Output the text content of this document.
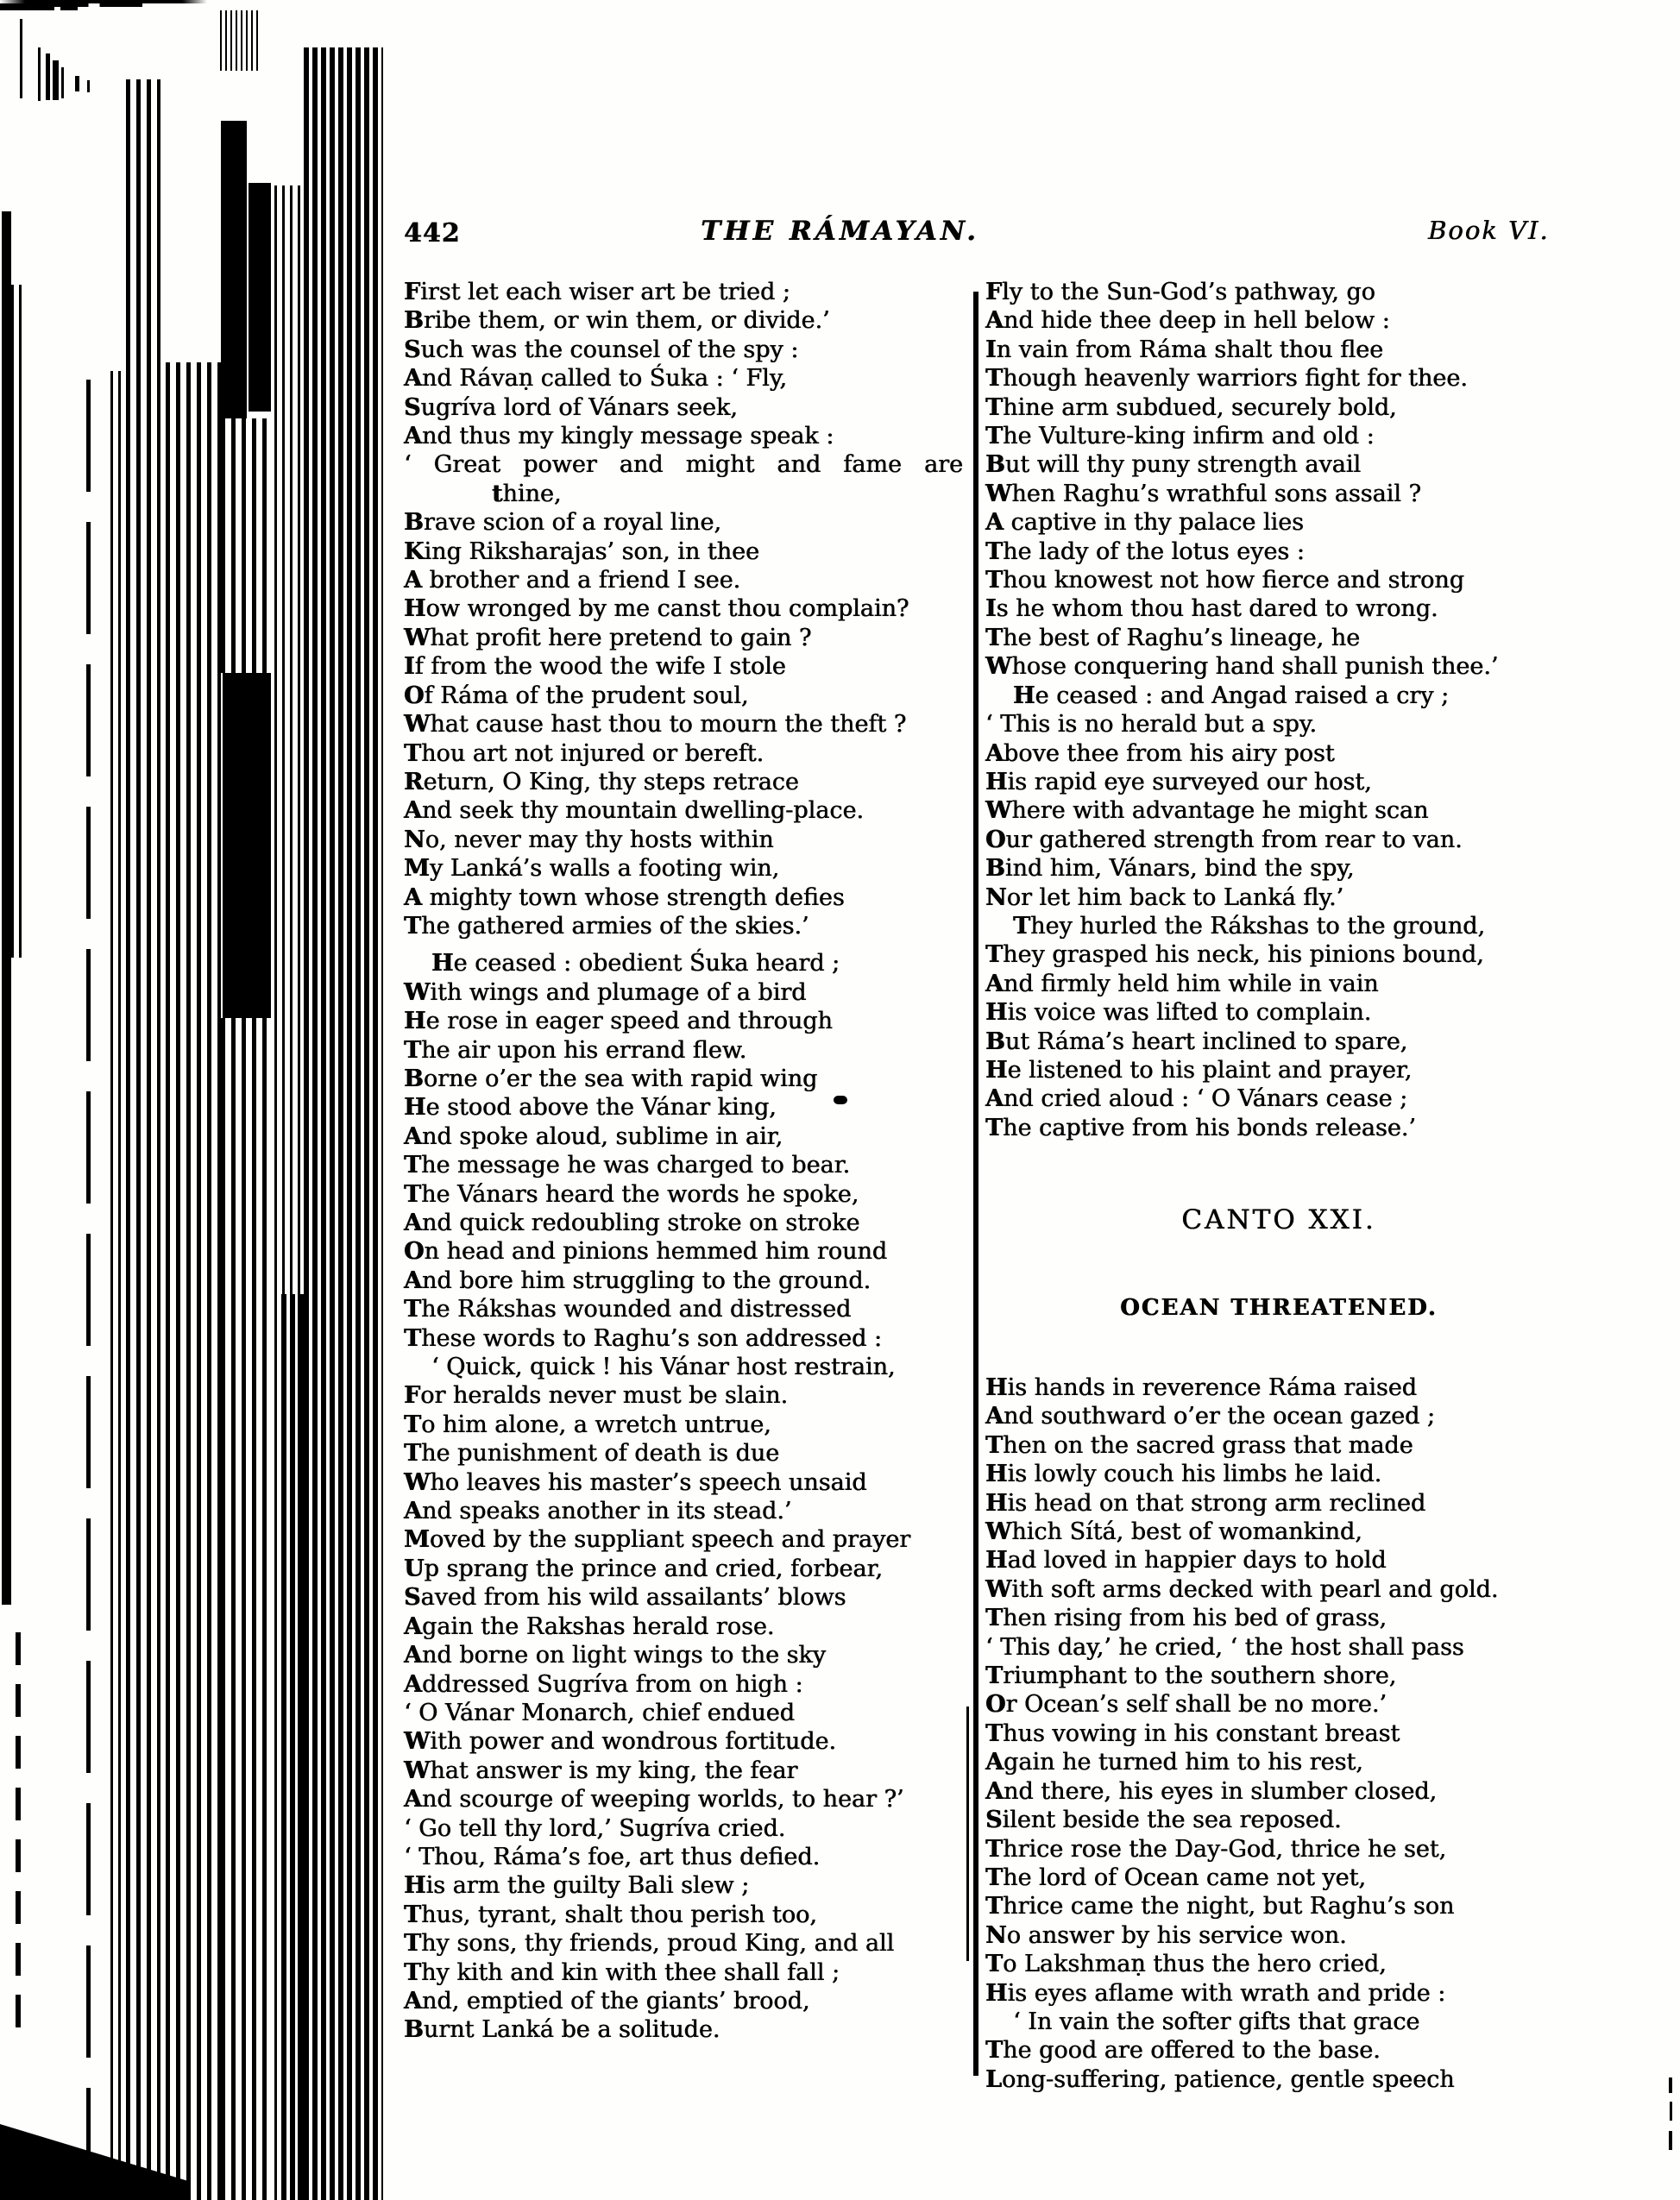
442	THE RÁMAYAN.	Book VI.
First let each wiser art be tried ;
Bribe them, or win them, or divide.’
Such was the counsel of the spy :
And Rávaṇ called to Śuka : ‘ Fly,
Sugríva lord of Vánars seek,
And thus my kingly message speak :
‘ Great power and might and fame are
thine,
Brave scion of a royal line,
King Riksharajas’ son, in thee
A brother and a friend I see.
How wronged by me canst thou complain?
What profit here pretend to gain ?
If from the wood the wife I stole
Of Ráma of the prudent soul,
What cause hast thou to mourn the theft ?
Thou art not injured or bereft.
Return, O King, thy steps retrace
And seek thy mountain dwelling-place.
No, never may thy hosts within
My Lanká’s walls a footing win,
A mighty town whose strength defies
The gathered armies of the skies.’
He ceased : obedient Śuka heard ;
With wings and plumage of a bird
He rose in eager speed and through
The air upon his errand flew.
Borne o’er the sea with rapid wing
He stood above the Vánar king,
And spoke aloud, sublime in air,
The message he was charged to bear.
The Vánars heard the words he spoke,
And quick redoubling stroke on stroke
On head and pinions hemmed him round
And bore him struggling to the ground.
The Rákshas wounded and distressed
These words to Raghu’s son addressed :
‘ Quick, quick ! his Vánar host restrain,
For heralds never must be slain.
To him alone, a wretch untrue,
The punishment of death is due
Who leaves his master’s speech unsaid
And speaks another in its stead.’
Moved by the suppliant speech and prayer
Up sprang the prince and cried, forbear,
Saved from his wild assailants’ blows
Again the Rakshas herald rose.
And borne on light wings to the sky
Addressed Sugríva from on high :
‘ O Vánar Monarch, chief endued
With power and wondrous fortitude.
What answer is my king, the fear
And scourge of weeping worlds, to hear ?’
‘ Go tell thy lord,’ Sugríva cried.
‘ Thou, Ráma’s foe, art thus defied.
His arm the guilty Bali slew ;
Thus, tyrant, shalt thou perish too,
Thy sons, thy friends, proud King, and all
Thy kith and kin with thee shall fall ;
And, emptied of the giants’ brood,
Burnt Lanká be a solitude.
Fly to the Sun-God’s pathway, go
And hide thee deep in hell below :
In vain from Ráma shalt thou flee
Though heavenly warriors fight for thee.
Thine arm subdued, securely bold,
The Vulture-king infirm and old :
But will thy puny strength avail
When Raghu’s wrathful sons assail ?
A captive in thy palace lies
The lady of the lotus eyes :
Thou knowest not how fierce and strong
Is he whom thou hast dared to wrong.
The best of Raghu’s lineage, he
Whose conquering hand shall punish thee.’
He ceased : and Angad raised a cry ;
‘ This is no herald but a spy.
Above thee from his airy post
His rapid eye surveyed our host,
Where with advantage he might scan
Our gathered strength from rear to van.
Bind him, Vánars, bind the spy,
Nor let him back to Lanká fly.’
They hurled the Rákshas to the ground,
They grasped his neck, his pinions bound,
And firmly held him while in vain
His voice was lifted to complain.
But Ráma’s heart inclined to spare,
He listened to his plaint and prayer,
And cried aloud : ‘ O Vánars cease ;
The captive from his bonds release.’
CANTO XXI.
OCEAN THREATENED.
His hands in reverence Ráma raised
And southward o’er the ocean gazed ;
Then on the sacred grass that made
His lowly couch his limbs he laid.
His head on that strong arm reclined
Which Sítá, best of womankind,
Had loved in happier days to hold
With soft arms decked with pearl and gold.
Then rising from his bed of grass,
‘ This day,’ he cried, ‘ the host shall pass
Triumphant to the southern shore,
Or Ocean’s self shall be no more.’
Thus vowing in his constant breast
Again he turned him to his rest,
And there, his eyes in slumber closed,
Silent beside the sea reposed.
Thrice rose the Day-God, thrice he set,
The lord of Ocean came not yet,
Thrice came the night, but Raghu’s son
No answer by his service won.
To Lakshmaṇ thus the hero cried,
His eyes aflame with wrath and pride :
‘ In vain the softer gifts that grace
The good are offered to the base.
Long-suffering, patience, gentle speech
